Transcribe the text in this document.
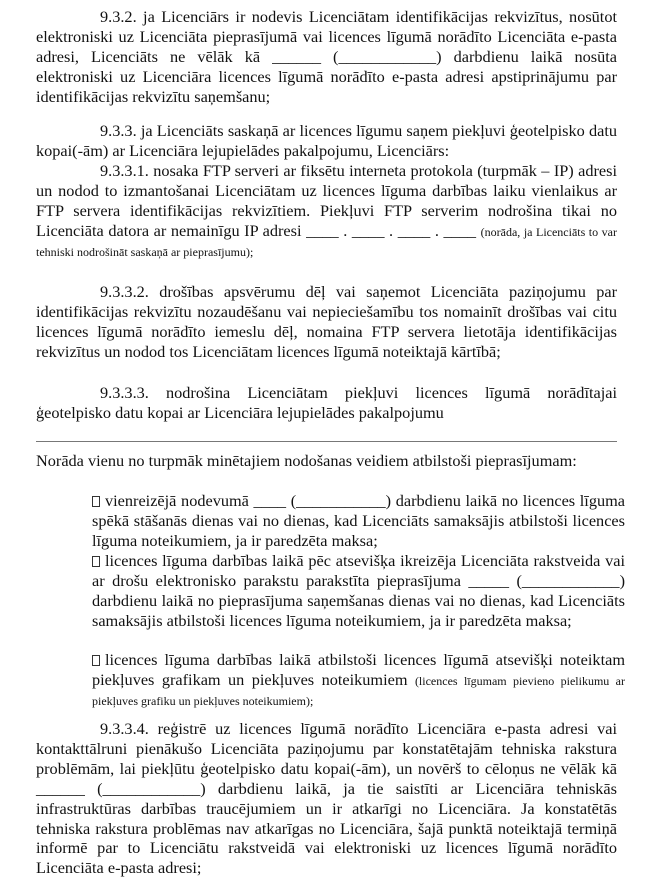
9.3.2. ja Licenciārs ir nodevis Licenciātam identifikācijas rekvizītus, nosūtot elektroniski uz Licenciāta pieprasījumā vai licences līgumā norādīto Licenciāta e-pasta adresi, Licenciāts ne vēlāk kā ______ (____________) darbdienu laikā nosūta elektroniski uz Licenciāra licences līgumā norādīto e-pasta adresi apstiprinājumu par identifikācijas rekvizītu saņemšanu;

9.3.3. ja Licenciāts saskaņā ar licences līgumu saņem piekļuvi ģeotelpisko datu kopai(-ām) ar Licenciāra lejupielādes pakalpojumu, Licenciārs:

9.3.3.1. nosaka FTP serveri ar fiksētu interneta protokola (turpmāk – IP) adresi un nodod to izmantošanai Licenciātam uz licences līguma darbības laiku vienlaikus ar FTP servera identifikācijas rekvizītiem. Piekļuvi FTP serverim nodrošina tikai no Licenciāta datora ar nemainīgu IP adresi ____ . ____ . ____ . ____ (norāda, ja Licenciāts to var tehniski nodrošināt saskaņā ar pieprasījumu);

9.3.3.2. drošības apsvērumu dēļ vai saņemot Licenciāta paziņojumu par identifikācijas rekvizītu nozaudēšanu vai nepieciešamību tos nomainīt drošības vai citu licences līgumā norādīto iemeslu dēļ, nomaina FTP servera lietotāja identifikācijas rekvizītus un nodod tos Licenciātam licences līgumā noteiktajā kārtībā;

9.3.3.3. nodrošina Licenciātam piekļuvi licences līgumā norādītajai ģeotelpisko datu kopai ar Licenciāra lejupielādes pakalpojumu

Norāda vienu no turpmāk minētajiem nodošanas veidiem atbilstoši pieprasījumam:

vienreizējā nodevumā ____ (___________) darbdienu laikā no licences līguma spēkā stāšanās dienas vai no dienas, kad Licenciāts samaksājis atbilstoši licences līguma noteikumiem, ja ir paredzēta maksa;

licences līguma darbības laikā pēc atsevišķa ikreizēja Licenciāta rakstveida vai ar drošu elektronisko parakstu parakstīta pieprasījuma _____ (____________) darbdienu laikā no pieprasījuma saņemšanas dienas vai no dienas, kad Licenciāts samaksājis atbilstoši licences līguma noteikumiem, ja ir paredzēta maksa;

licences līguma darbības laikā atbilstoši licences līgumā atsevišķi noteiktam piekļuves grafikam un piekļuves noteikumiem (licences līgumam pievieno pielikumu ar piekļuves grafiku un piekļuves noteikumiem);

9.3.3.4. reģistrē uz licences līgumā norādīto Licenciāra e-pasta adresi vai kontakttālruni pienākušo Licenciāta paziņojumu par konstatētajām tehniska rakstura problēmām, lai piekļūtu ģeotelpisko datu kopai(-ām), un novērš to cēloņus ne vēlāk kā ______ (____________) darbdienu laikā, ja tie saistīti ar Licenciāra tehniskās infrastruktūras darbības traucējumiem un ir atkarīgi no Licenciāra. Ja konstatētās tehniska rakstura problēmas nav atkarīgas no Licenciāra, šajā punktā noteiktajā termiņā informē par to Licenciātu rakstveidā vai elektroniski uz licences līgumā norādīto Licenciāta e-pasta adresi;
